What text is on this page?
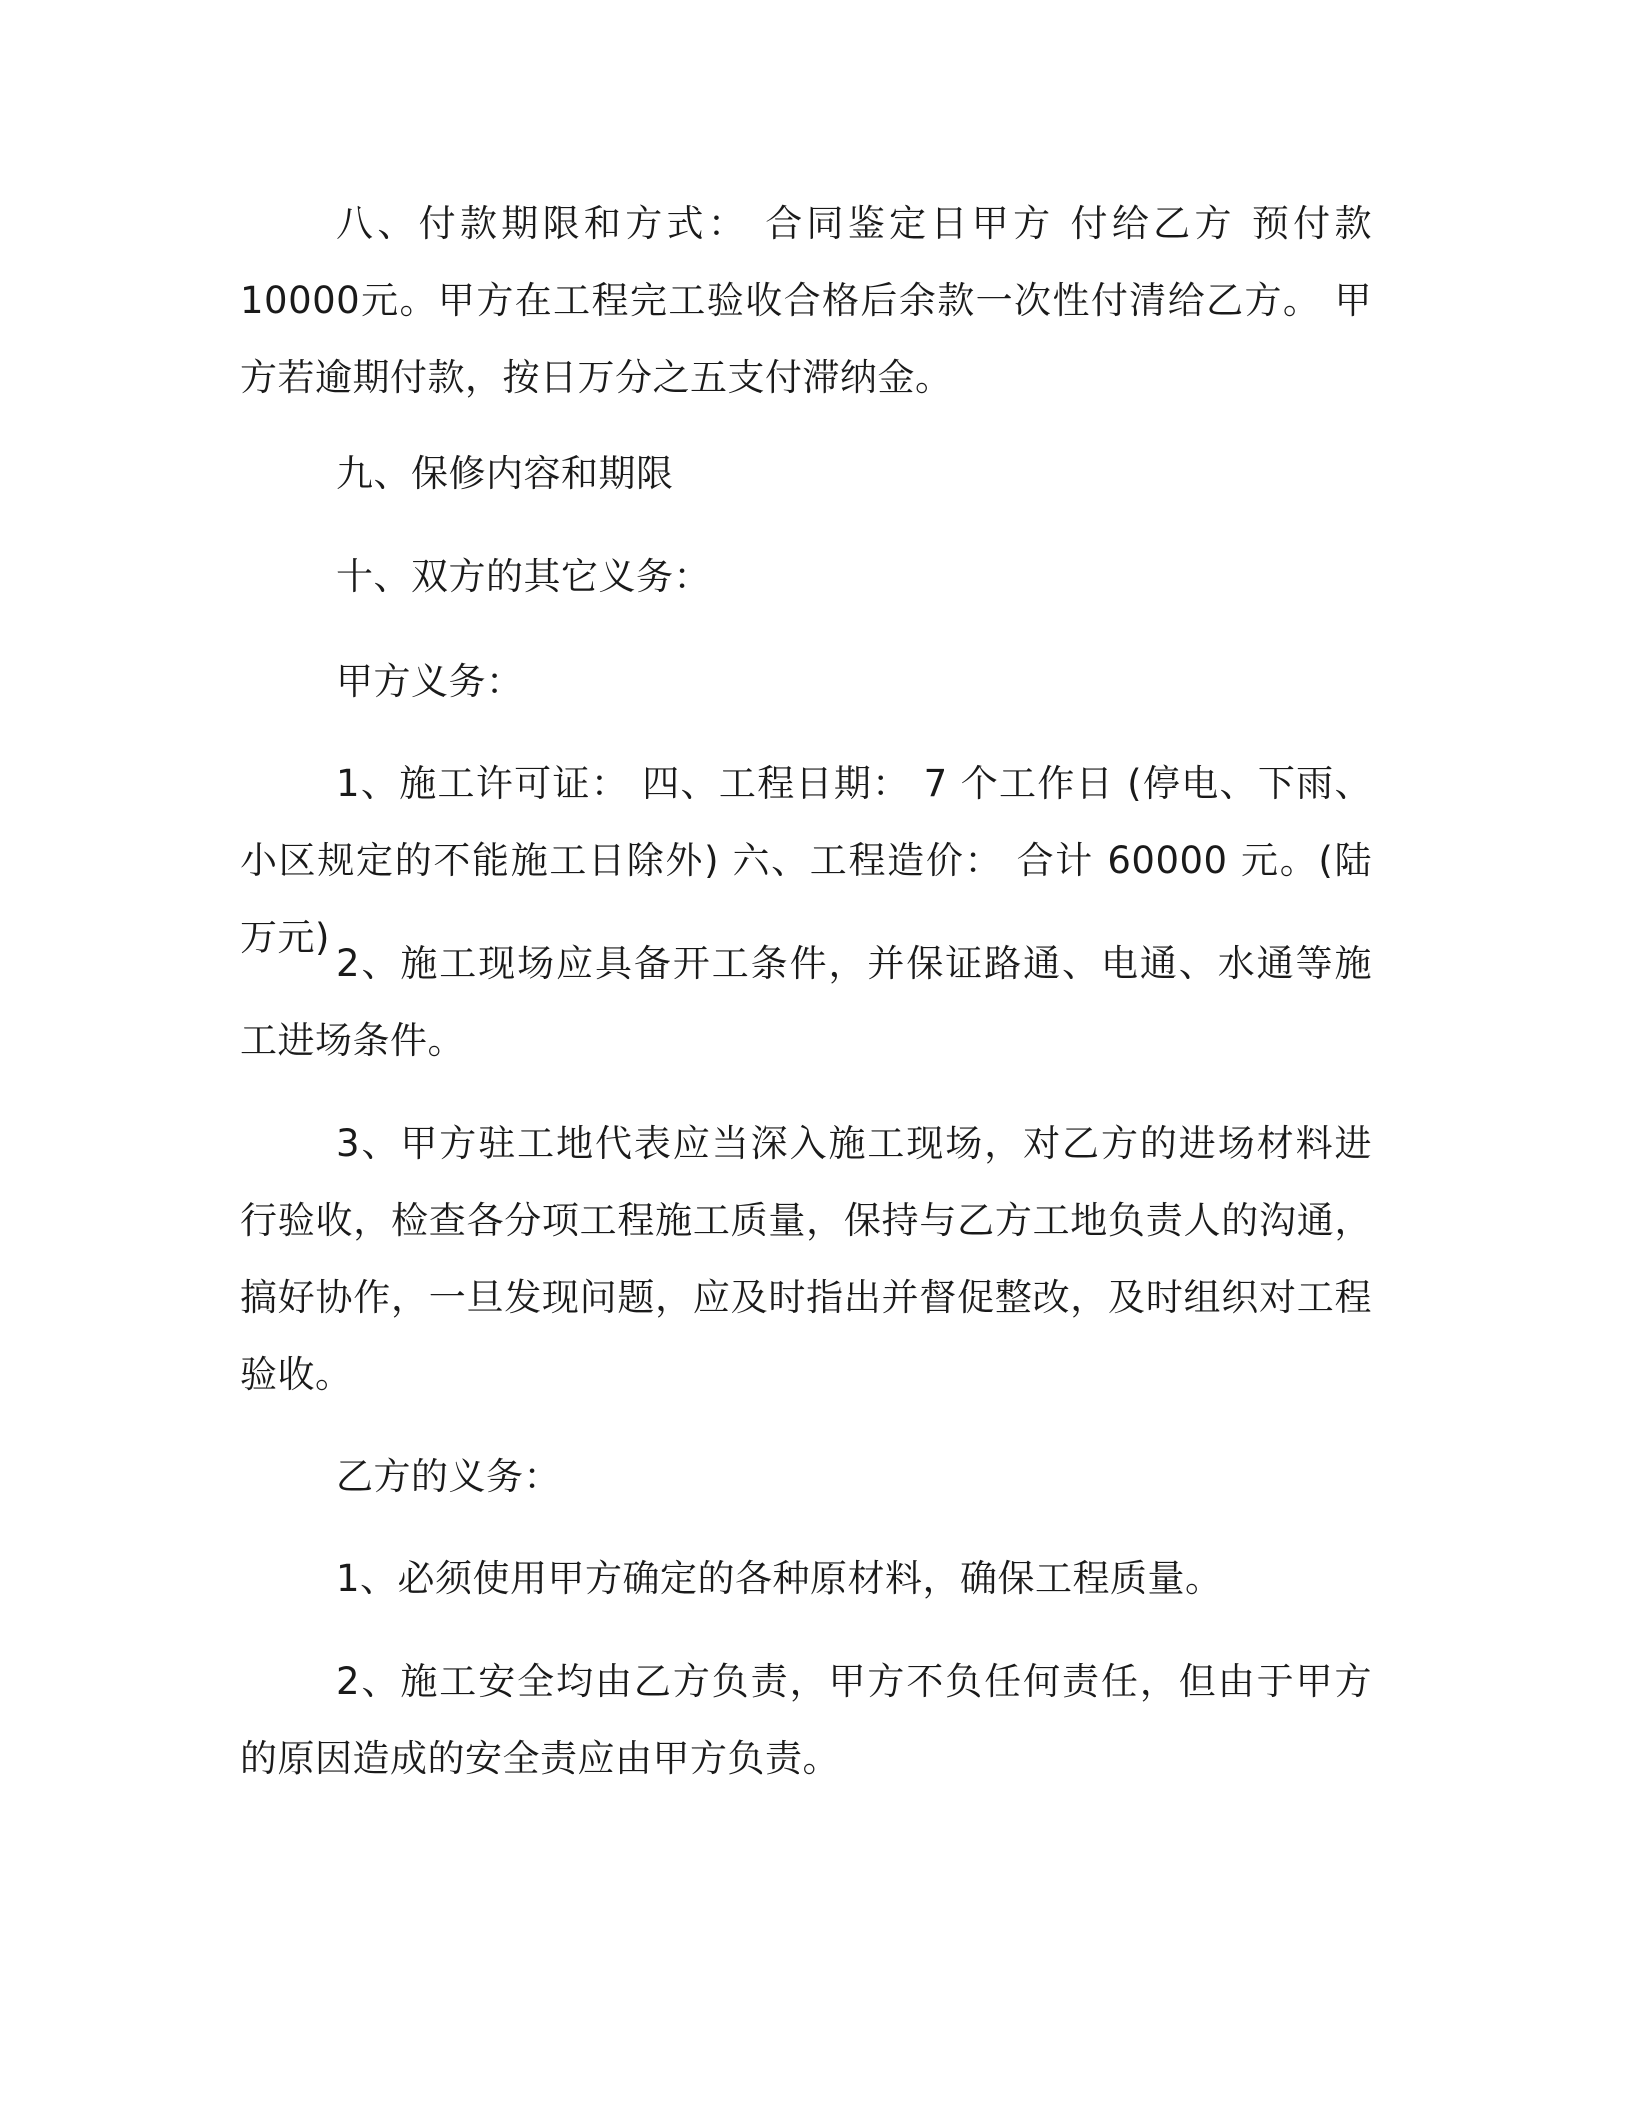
八、付款期限和方式： 合同鉴定日甲方 付给乙方 预付款 10000元。甲方在工程完工验收合格后余款一次性付清给乙方。 甲方若逾期付款，按日万分之五支付滞纳金。

九、保修内容和期限

十、双方的其它义务：

甲方义务：

1、施工许可证： 四、工程日期： 7 个工作日 (停电、下雨、小区规定的不能施工日除外) 六、工程造价： 合计 60000 元。(陆万元)

2、施工现场应具备开工条件，并保证路通、电通、水通等施工进场条件。

3、甲方驻工地代表应当深入施工现场，对乙方的进场材料进行验收，检查各分项工程施工质量，保持与乙方工地负责人的沟通，搞好协作，一旦发现问题，应及时指出并督促整改，及时组织对工程验收。

乙方的义务：

1、必须使用甲方确定的各种原材料，确保工程质量。

2、施工安全均由乙方负责，甲方不负任何责任，但由于甲方的原因造成的安全责应由甲方负责。
